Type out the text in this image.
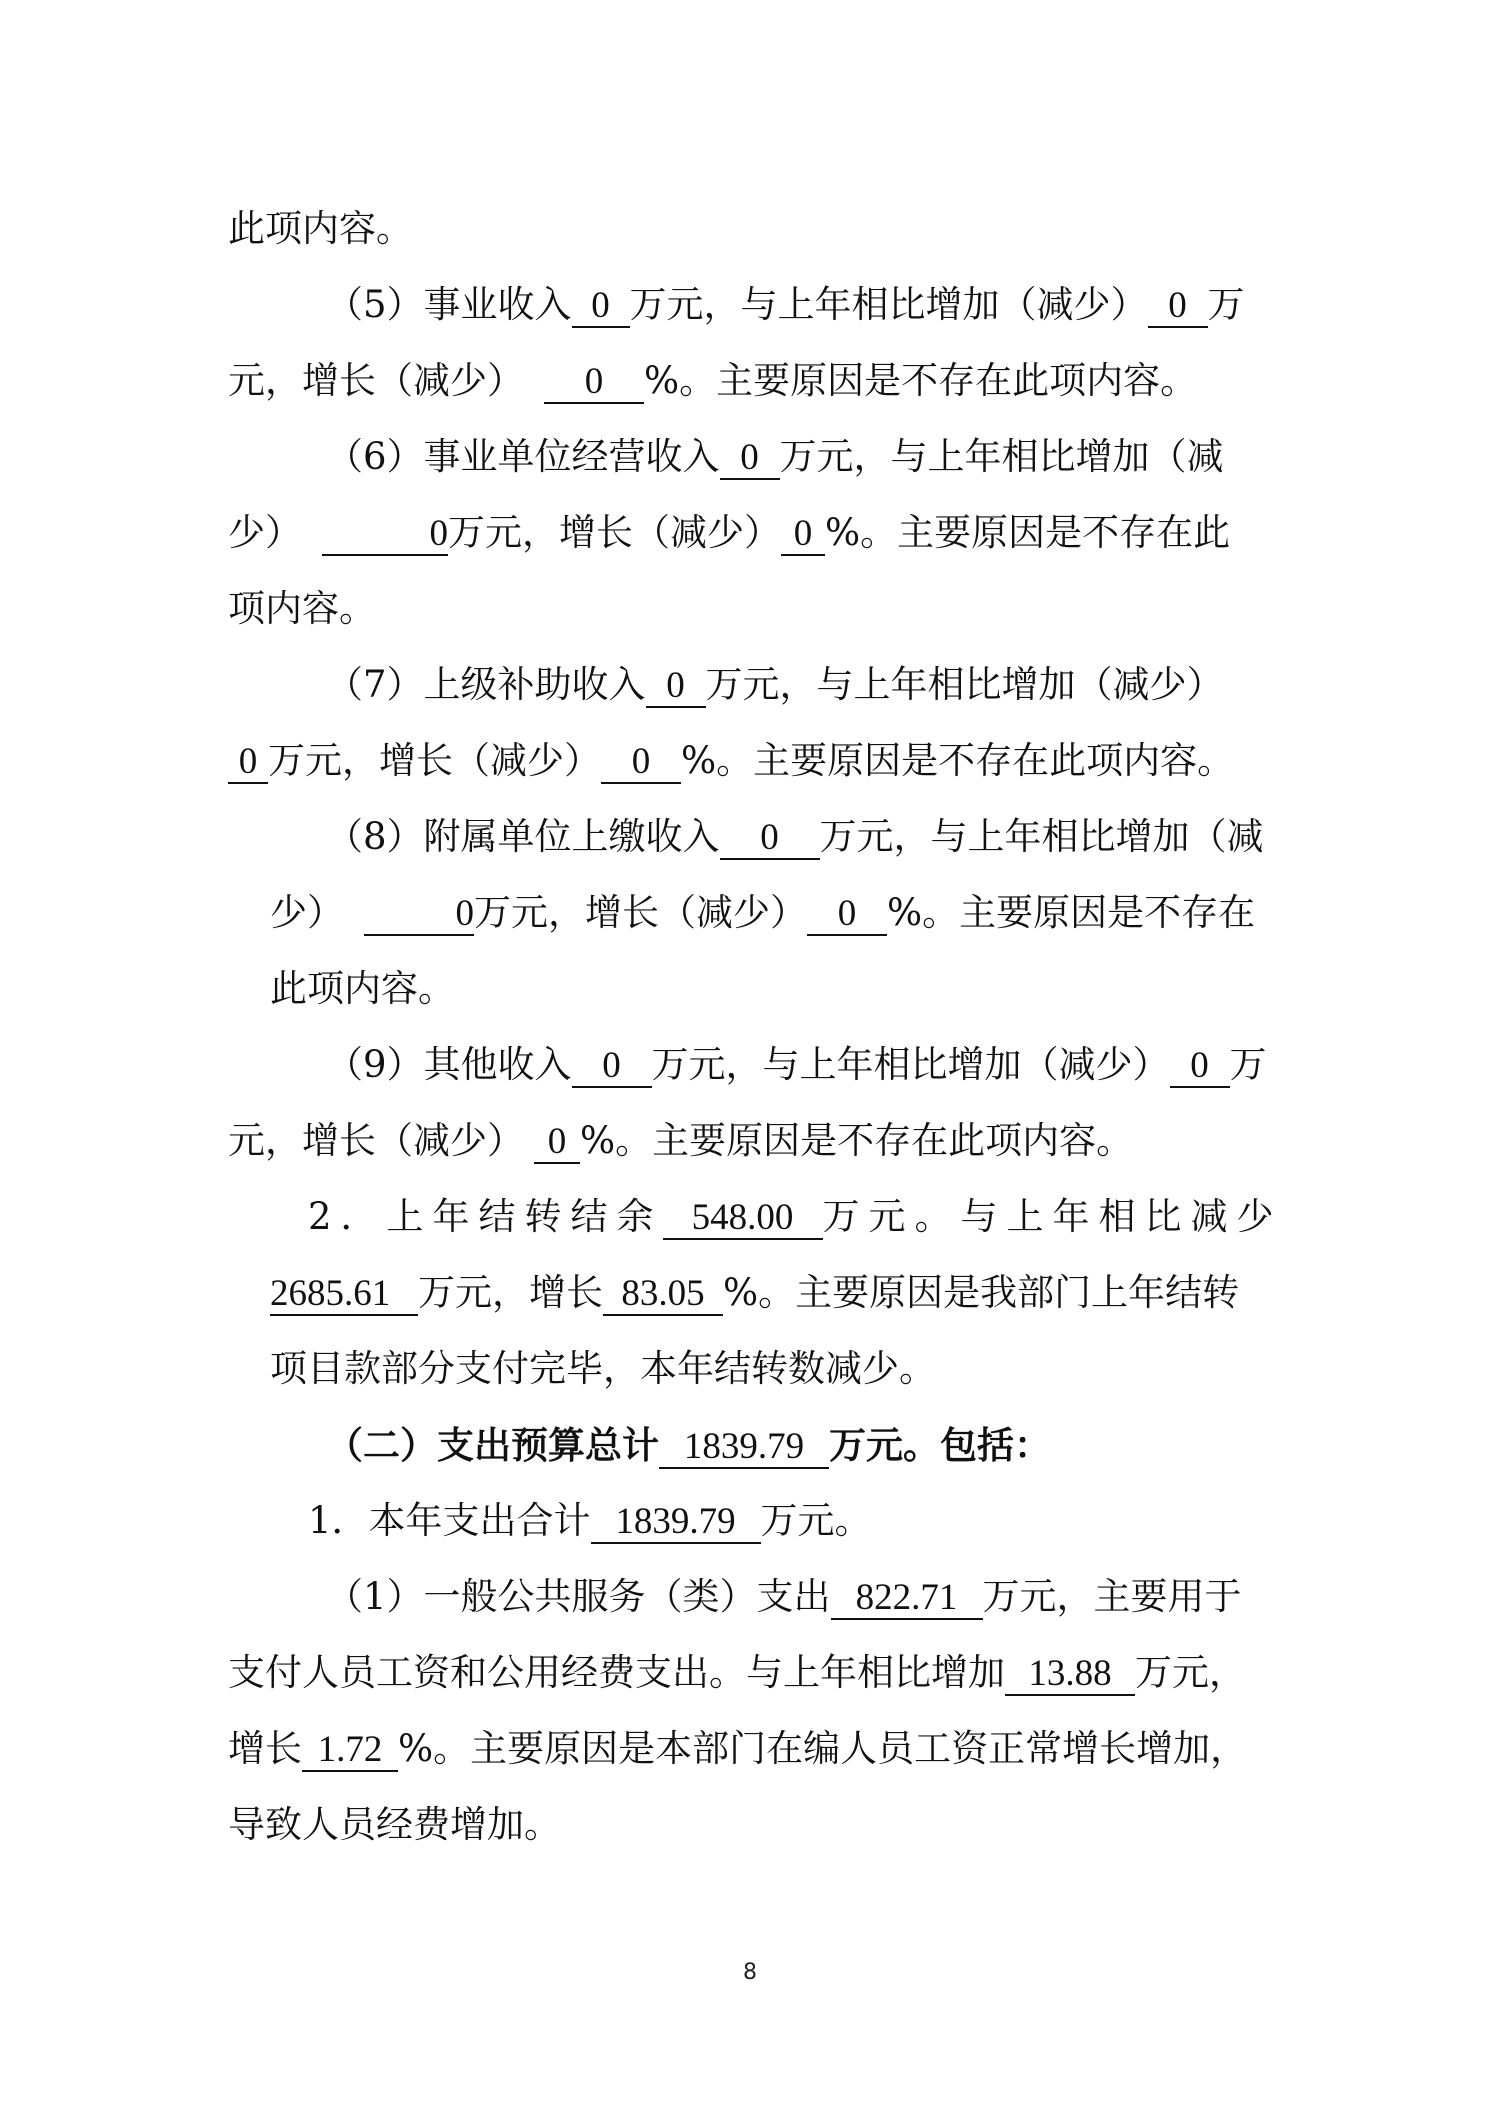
此项内容。
（5）事业收入 0 万元，与上年相比增加（减少） 0 万
元，增长（减少） 0 %。主要原因是不存在此项内容。
（6）事业单位经营收入 0 万元，与上年相比增加（减
少）	0万元，增长（减少） 0 %。主要原因是不存在此
项内容。
（7）上级补助收入 0 万元，与上年相比增加（减少）
0 万元，增长（减少） 0 %。主要原因是不存在此项内容。
（8）附属单位上缴收入 0 万元，与上年相比增加（减
少）	0万元，增长（减少） 0 %。主要原因是不存在
此项内容。
（9）其他收入 0 万元，与上年相比增加（减少） 0 万
元，增长（减少） 0 %。主要原因是不存在此项内容。
2．上年结转结余 548.00 万元。与上年相比减少
2685.61 万元，增长 83.05 %。主要原因是我部门上年结转
项目款部分支付完毕，本年结转数减少。
（二）支出预算总计 1839.79 万元。包括：
1．本年支出合计 1839.79 万元。
（1）一般公共服务（类）支出 822.71 万元，主要用于
支付人员工资和公用经费支出。与上年相比增加 13.88 万元，
增长 1.72 %。主要原因是本部门在编人员工资正常增长增加，
导致人员经费增加。
8
